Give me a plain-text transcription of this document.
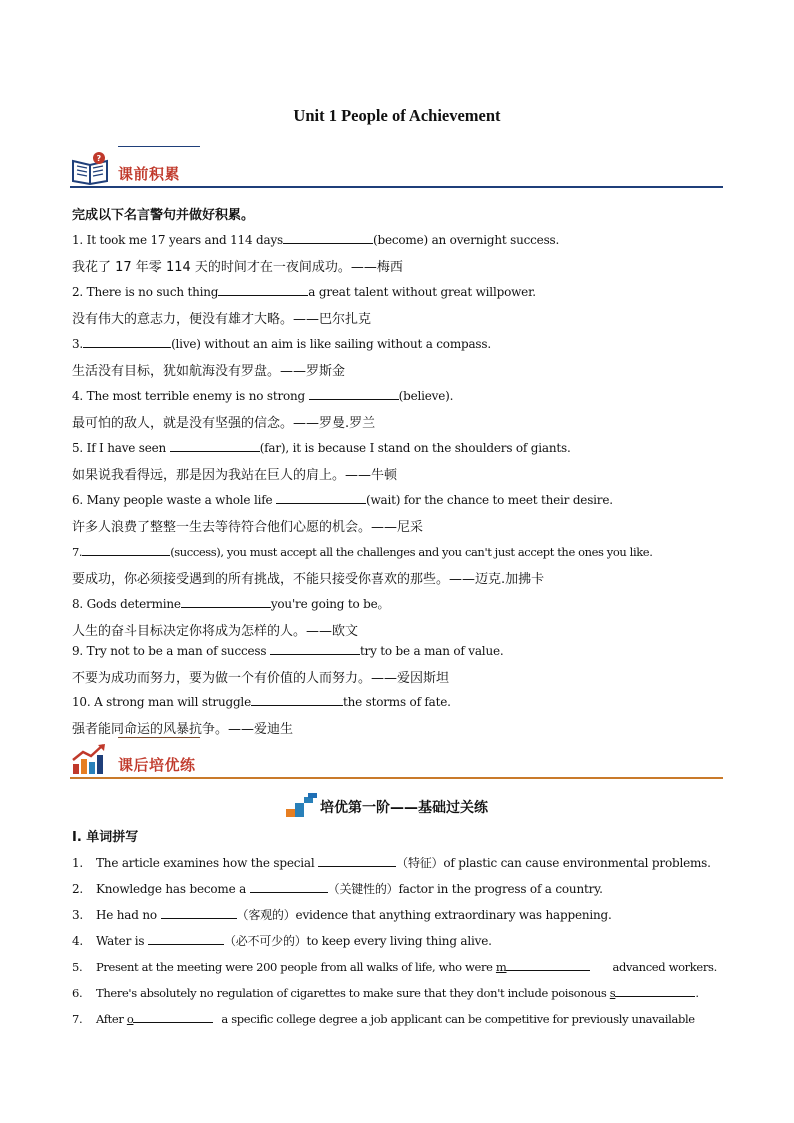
Unit 1 People of Achievement
?
课前积累
完成以下名言警句并做好积累。
1. It took me 17 years and 114 days	(become) an overnight success.
我花了 17 年零 114 天的时间才在一夜间成功。——梅西
2. There is no such thing	a great talent without great willpower.
没有伟大的意志力，便没有雄才大略。——巴尔扎克
3.	(live) without an aim is like sailing without a compass.
生活没有目标，犹如航海没有罗盘。——罗斯金
4. The most terrible enemy is no strong	(believe).
最可怕的敌人，就是没有坚强的信念。——罗曼.罗兰
5. If I have seen	(far), it is because I stand on the shoulders of giants.
如果说我看得远，那是因为我站在巨人的肩上。——牛顿
6. Many people waste a whole life	(wait) for the chance to meet their desire.
许多人浪费了整整一生去等待符合他们心愿的机会。——尼采
7.	(success), you must accept all the challenges and you can't just accept the ones you like.
要成功，你必须接受遇到的所有挑战，不能只接受你喜欢的那些。——迈克.加拂卡
8. Gods determine	you're going to be。
人生的奋斗目标决定你将成为怎样的人。——欧文
9. Try not to be a man of success	try to be a man of value.
不要为成功而努力，要为做一个有价值的人而努力。——爱因斯坦
10. A strong man will struggle	the storms of fate.
强者能同命运的风暴抗争。——爱迪生
课后培优练
培优第一阶——基础过关练
I. 单词拼写
1. The article examines how the special	（特征）of plastic can cause environmental problems.
2. Knowledge has become a	（关键性的）factor in the progress of a country.
3. He had no	（客观的）evidence that anything extraordinary was happening.
4. Water is	（必不可少的）to keep every living thing alive.
5. Present at the meeting were 200 people from all walks of life, who were m	advanced workers.
6. There's absolutely no regulation of cigarettes to make sure that they don't include poisonous s	.
7. After o	a specific college degree a job applicant can be competitive for previously unavailable
